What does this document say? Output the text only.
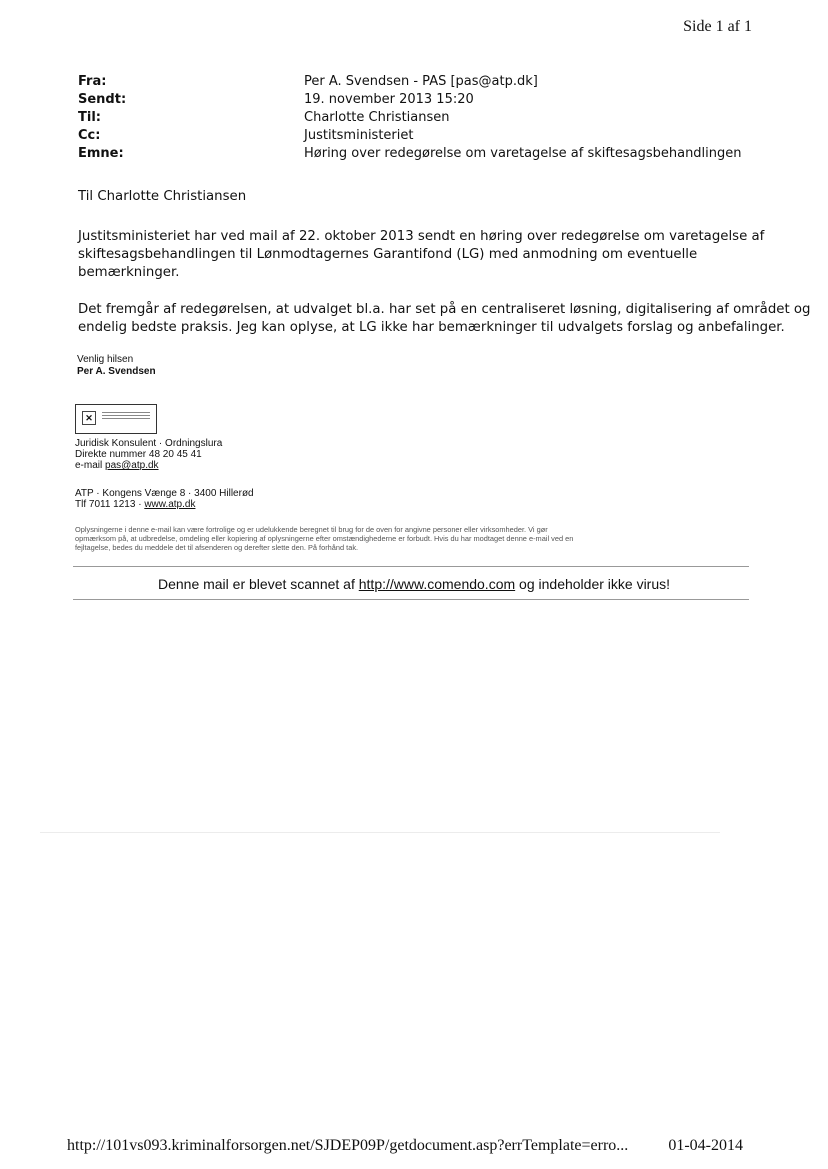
Side 1 af 1
Fra:	Per A. Svendsen - PAS [pas@atp.dk]
Sendt:	19. november 2013 15:20
Til:	Charlotte Christiansen
Cc:	Justitsministeriet
Emne:	Høring over redegørelse om varetagelse af skiftesagsbehandlingen
Til Charlotte Christiansen
Justitsministeriet har ved mail af 22. oktober 2013 sendt en høring over redegørelse om varetagelse af
skiftesagsbehandlingen til Lønmodtagernes Garantifond (LG) med anmodning om eventuelle
bemærkninger.
Det fremgår af redegørelsen, at udvalget bl.a. har set på en centraliseret løsning, digitalisering af området og
endelig bedste praksis. Jeg kan oplyse, at LG ikke har bemærkninger til udvalgets forslag og anbefalinger.
Venlig hilsen
Per A. Svendsen
✕
Juridisk Konsulent · Ordningslura
Direkte nummer 48 20 45 41
e-mail pas@atp.dk
ATP · Kongens Vænge 8 · 3400 Hillerød
Tlf 7011 1213 · www.atp.dk
Oplysningerne i denne e-mail kan være fortrolige og er udelukkende beregnet til brug for de oven for angivne personer eller virksomheder. Vi gør
opmærksom på, at udbredelse, omdeling eller kopiering af oplysningerne efter omstændighederne er forbudt. Hvis du har modtaget denne e-mail ved en
fejltagelse, bedes du meddele det til afsenderen og derefter slette den. På forhånd tak.
Denne mail er blevet scannet af http://www.comendo.com og indeholder ikke virus!
http://101vs093.kriminalforsorgen.net/SJDEP09P/getdocument.asp?errTemplate=erro...	01-04-2014
